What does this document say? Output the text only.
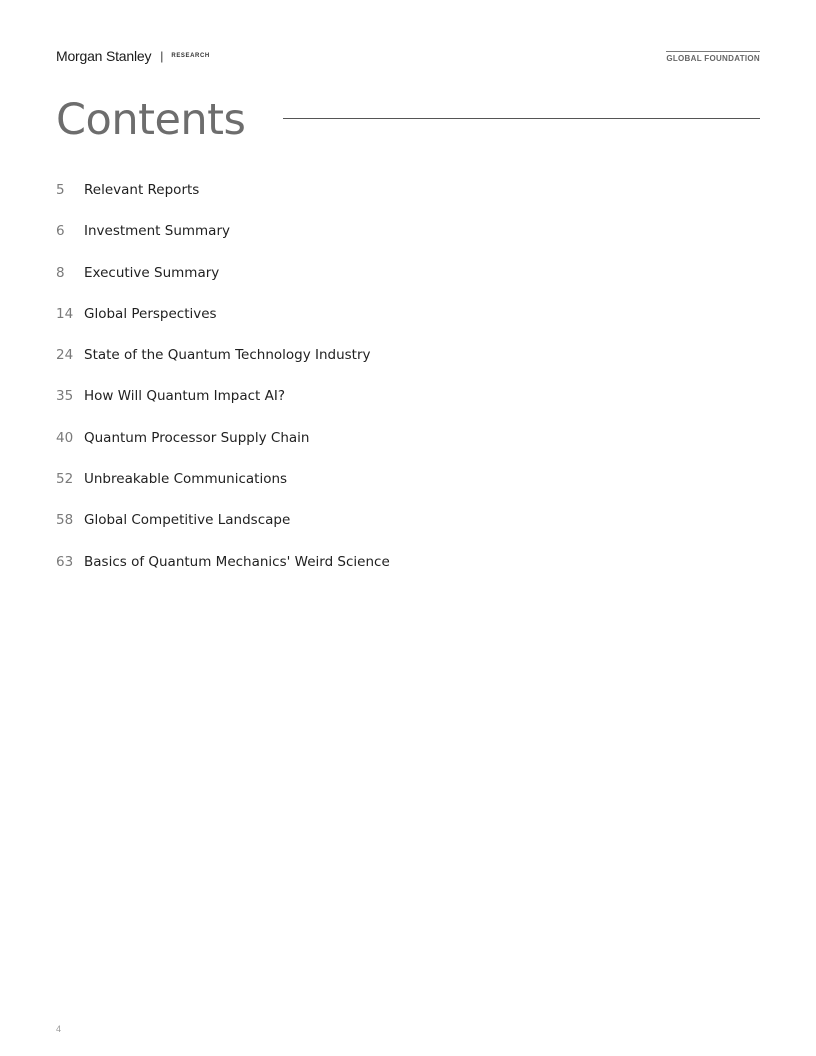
Morgan Stanley | RESEARCH	GLOBAL FOUNDATION
Contents
5	Relevant Reports
6	Investment Summary
8	Executive Summary
14 Global Perspectives
24 State of the Quantum Technology Industry
35 How Will Quantum Impact AI?
40 Quantum Processor Supply Chain
52 Unbreakable Communications
58 Global Competitive Landscape
63 Basics of Quantum Mechanics' Weird Science
4
